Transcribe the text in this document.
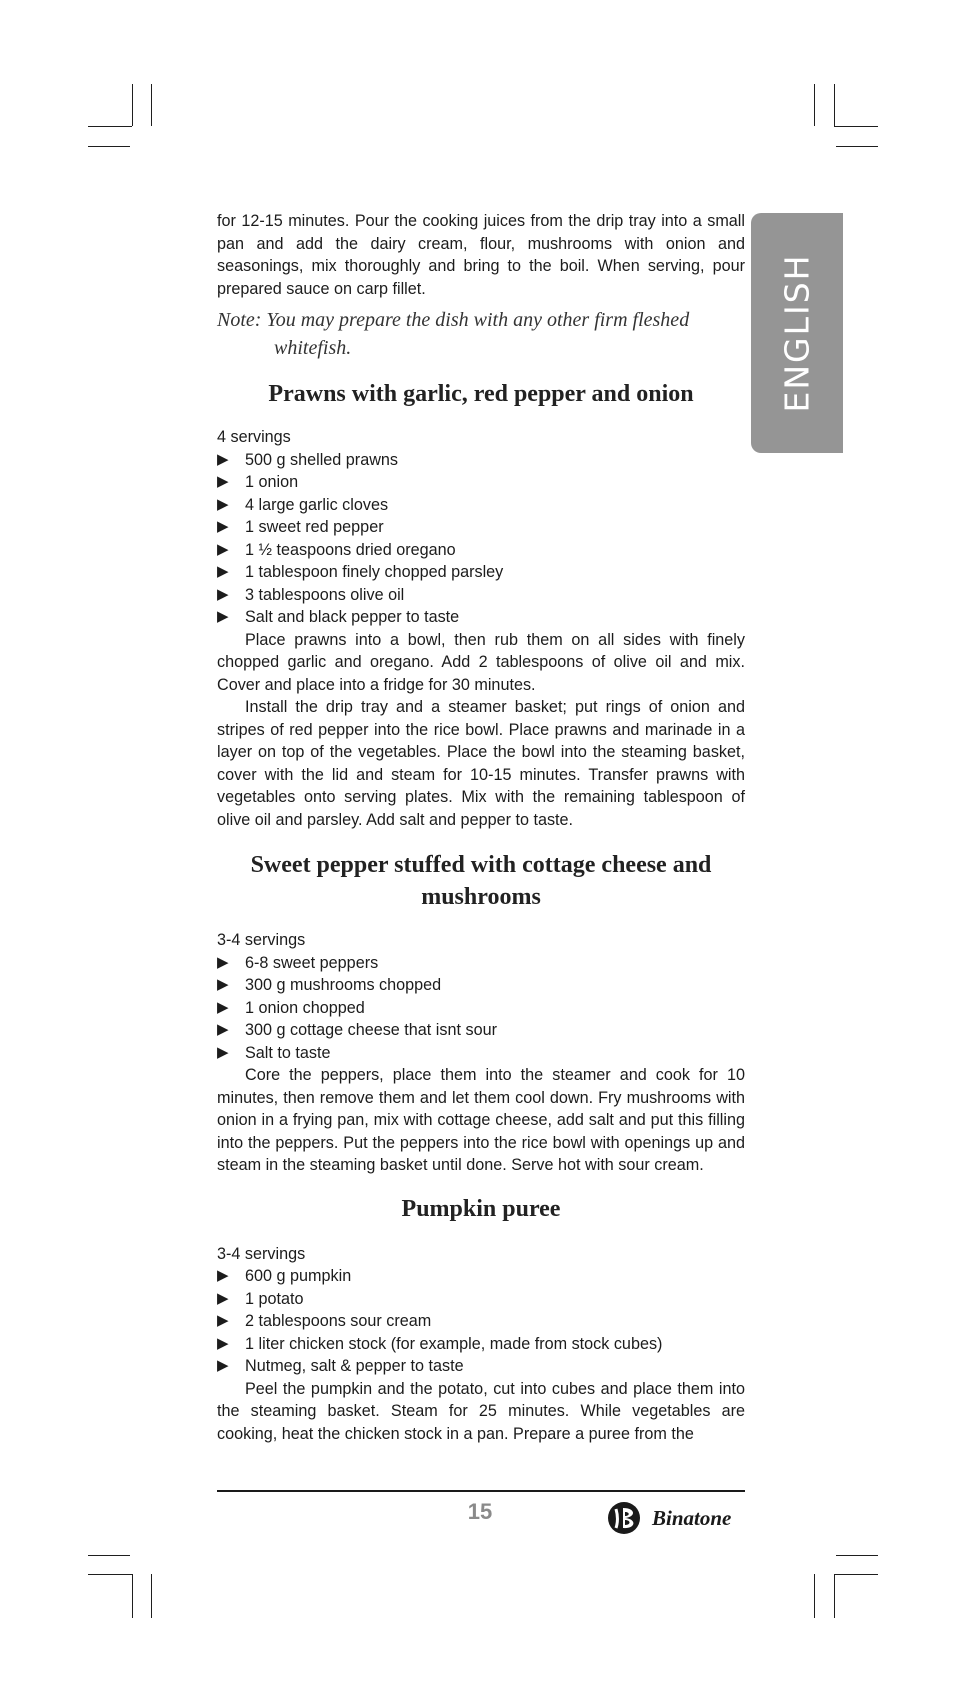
ENGLISH

for 12-15 minutes. Pour the cooking juices from the drip tray into a small pan and add the dairy cream, flour, mushrooms with onion and seasonings, mix thoroughly and bring to the boil. When serving, pour prepared sauce on carp fillet.

Note: You may prepare the dish with any other firm fleshed whitefish.

Prawns with garlic, red pepper and onion

4 servings

▶ 500 g shelled prawns
▶ 1 onion
▶ 4 large garlic cloves
▶ 1 sweet red pepper
▶ 1 ½ teaspoons dried oregano
▶ 1 tablespoon finely chopped parsley
▶ 3 tablespoons olive oil
▶ Salt and black pepper to taste

Place prawns into a bowl, then rub them on all sides with finely chopped garlic and oregano. Add 2 tablespoons of olive oil and mix. Cover and place into a fridge for 30 minutes.

Install the drip tray and a steamer basket; put rings of onion and stripes of red pepper into the rice bowl. Place prawns and marinade in a layer on top of the vegetables. Place the bowl into the steaming basket, cover with the lid and steam for 10-15 minutes. Transfer prawns with vegetables onto serving plates. Mix with the remaining tablespoon of olive oil and parsley. Add salt and pepper to taste.

Sweet pepper stuffed with cottage cheese and mushrooms

3-4 servings

▶ 6-8 sweet peppers
▶ 300 g mushrooms chopped
▶ 1 onion chopped
▶ 300 g cottage cheese that isnt sour
▶ Salt to taste

Core the peppers, place them into the steamer and cook for 10 minutes, then remove them and let them cool down. Fry mushrooms with onion in a frying pan, mix with cottage cheese, add salt and put this filling into the peppers. Put the peppers into the rice bowl with openings up and steam in the steaming basket until done. Serve hot with sour cream.

Pumpkin puree

3-4 servings

▶ 600 g pumpkin
▶ 1 potato
▶ 2 tablespoons sour cream
▶ 1 liter chicken stock (for example, made from stock cubes)
▶ Nutmeg, salt & pepper to taste

Peel the pumpkin and the potato, cut into cubes and place them into the steaming basket. Steam for 25 minutes. While vegetables are cooking, heat the chicken stock in a pan. Prepare a puree from the

15	Binatone
